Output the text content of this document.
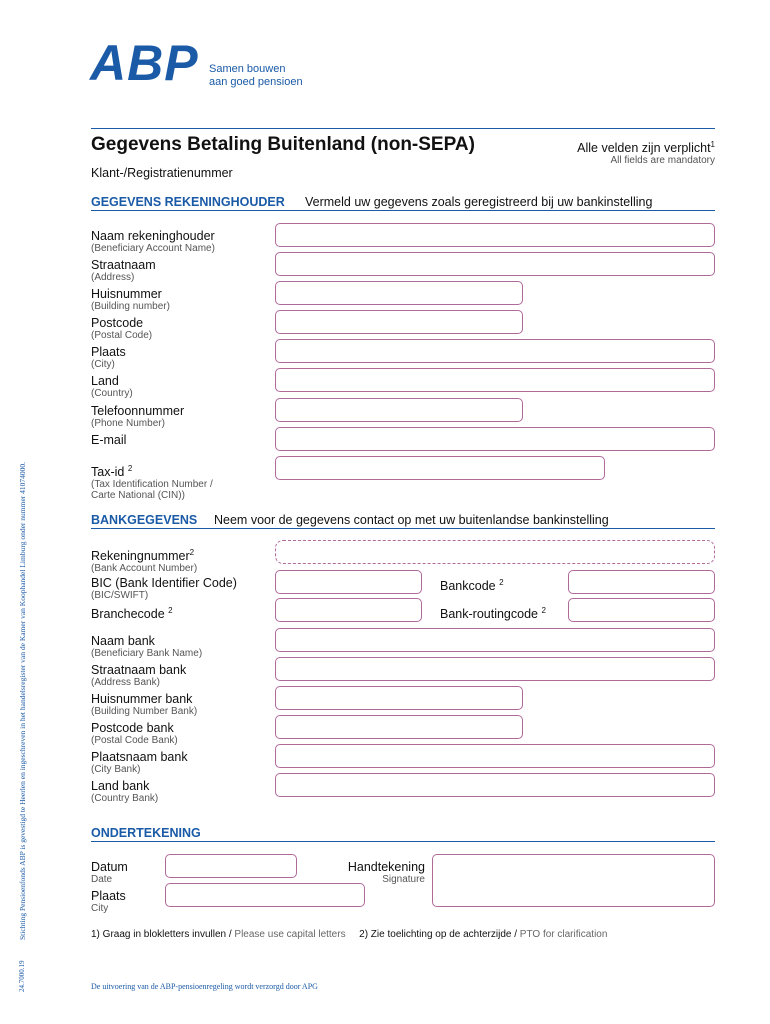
ABP Samen bouwen
aan goed pensioen
Gegevens Betaling Buitenland (non-SEPA)	Alle velden zijn verplicht$^1$
All fields are mandatory
Klant-/Registratienummer
GEGEVENS REKENINGHOUDER Vermeld uw gegevens zoals geregistreerd bij uw bankinstelling
Naam rekeninghouder
(Beneficiary Account Name)
Straatnaam
(Address)
Huisnummer
(Building number)
Postcode
(Postal Code)
Plaats
(City)
Land
(Country)
Telefoonnummer
(Phone Number)
E-mail
Tax-id $^2$
(Tax Identification Number /
Carte National (CIN))
BANKGEGEVENS Neem voor de gegevens contact op met uw buitenlandse bankinstelling
Rekeningnummer$^2$
(Bank Account Number)
BIC (Bank Identifier Code)
(BIC/SWIFT)
Bankcode $^2$
Branchecode $^2$	Bank-routingcode $^2$
Naam bank
(Beneficiary Bank Name)
Straatnaam bank
(Address Bank)
Huisnummer bank
(Building Number Bank)
Postcode bank
(Postal Code Bank)
Plaatsnaam bank
(City Bank)
Land bank
(Country Bank)
ONDERTEKENING
Datum
Date
Plaats
City
Handtekening
Signature
1) Graag in blokletters invullen / Please use capital letters 2) Zie toelichting op de achterzijde / PTO for clarification
De uitvoering van de ABP-pensioenregeling wordt verzorgd door APG
Stichting Pensioenfonds ABP is gevestigd te Heerlen en ingeschreven in het handelsregister van de Kamer van Koophandel Limburg onder nummer 41074000.
24.7000.19
